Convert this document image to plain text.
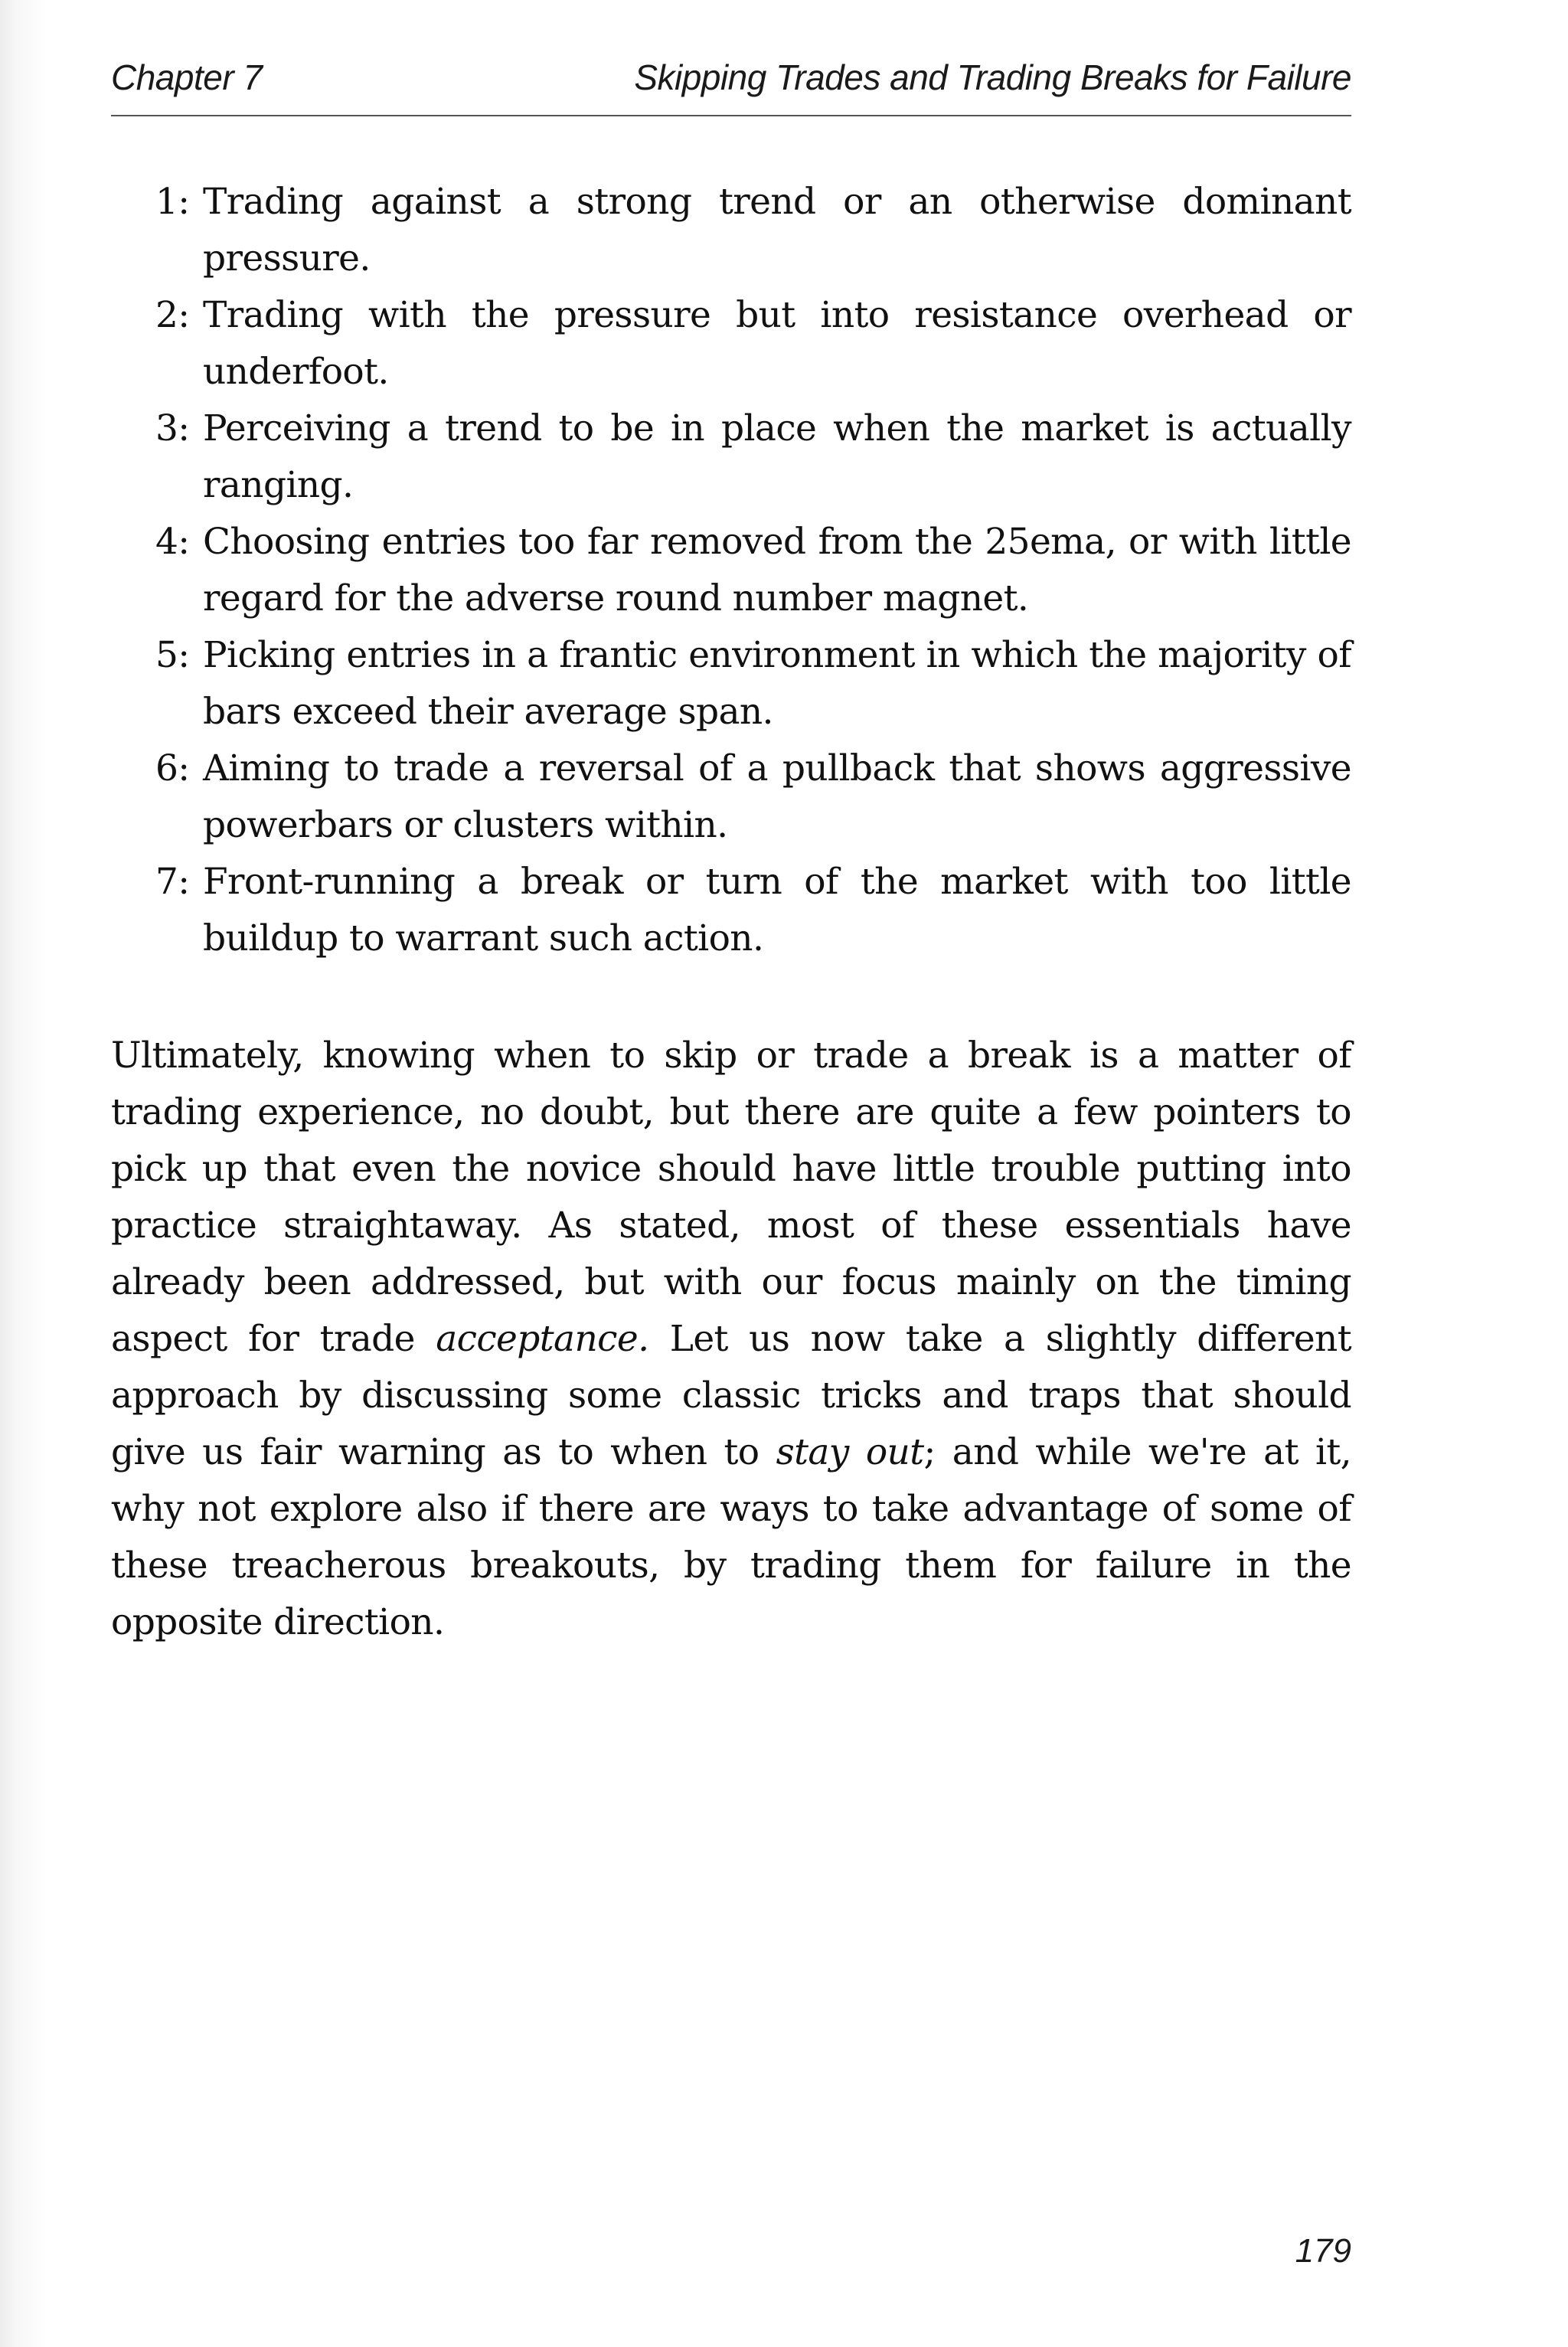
Chapter 7	Skipping Trades and Trading Breaks for Failure
1: Trading against a strong trend or an otherwise dominant pressure.
2: Trading with the pressure but into resistance overhead or underfoot.
3: Perceiving a trend to be in place when the market is actually ranging.
4: Choosing entries too far removed from the 25ema, or with little regard for the adverse round number magnet.
5: Picking entries in a frantic environment in which the majority of bars exceed their average span.
6: Aiming to trade a reversal of a pullback that shows aggressive powerbars or clusters within.
7: Front-running a break or turn of the market with too little buildup to warrant such action.

Ultimately, knowing when to skip or trade a break is a matter of trading experience, no doubt, but there are quite a few pointers to pick up that even the novice should have little trouble putting into practice straightaway. As stated, most of these essentials have already been addressed, but with our focus mainly on the timing aspect for trade acceptance. Let us now take a slightly different approach by discussing some classic tricks and traps that should give us fair warning as to when to stay out; and while we're at it, why not explore also if there are ways to take advantage of some of these treacherous breakouts, by trading them for failure in the opposite direction.

179
